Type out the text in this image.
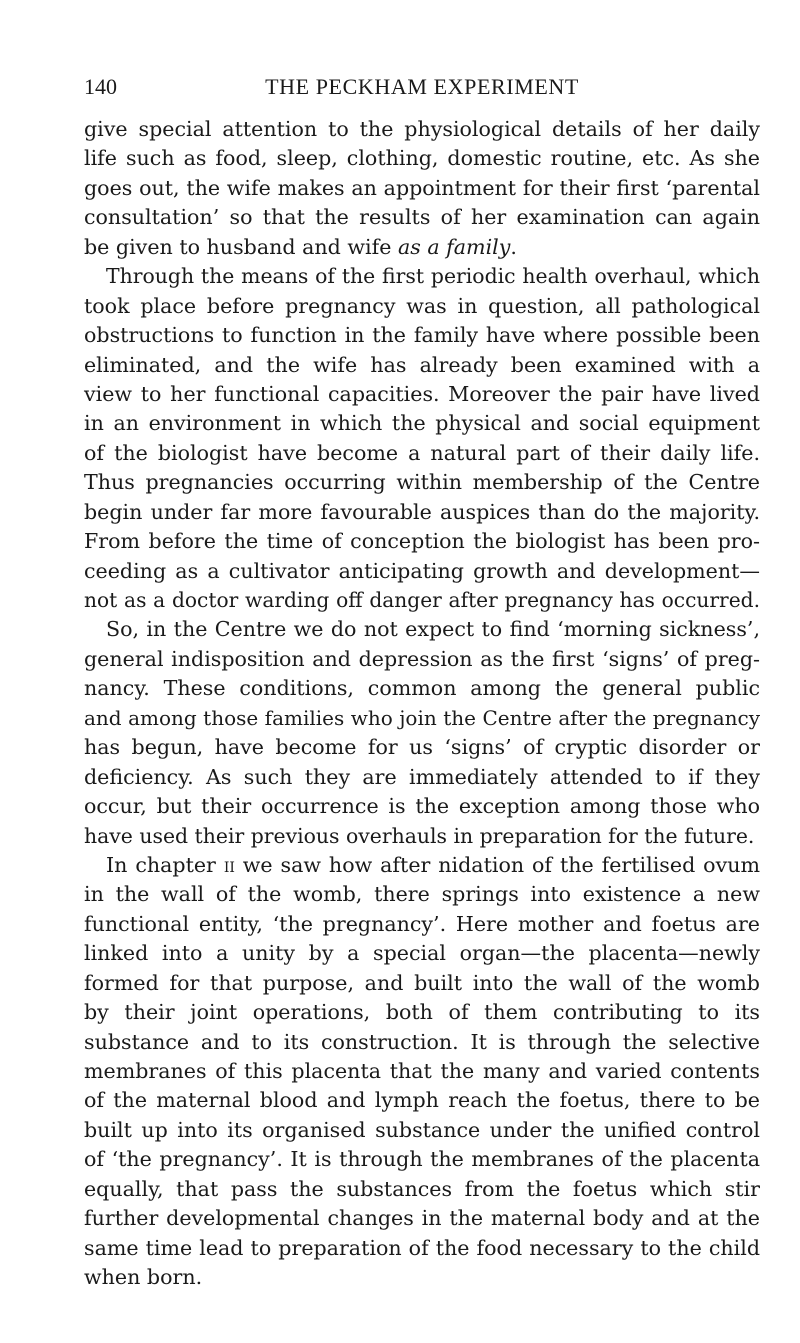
140	THE PECKHAM EXPERIMENT
give special attention to the physiological details of her daily
life such as food, sleep, clothing, domestic routine, etc. As she
goes out, the wife makes an appointment for their first ‘parental
consultation’ so that the results of her examination can again
be given to husband and wife as a family.
Through the means of the first periodic health overhaul, which
took place before pregnancy was in question, all pathological
obstructions to function in the family have where possible been
eliminated, and the wife has already been examined with a
view to her functional capacities. Moreover the pair have lived
in an environment in which the physical and social equipment
of the biologist have become a natural part of their daily life.
Thus pregnancies occurring within membership of the Centre
begin under far more favourable auspices than do the majority.
From before the time of conception the biologist has been pro-
ceeding as a cultivator anticipating growth and development—
not as a doctor warding off danger after pregnancy has occurred.
So, in the Centre we do not expect to find ‘morning sickness’,
general indisposition and depression as the first ‘signs’ of preg-
nancy. These conditions, common among the general public
and among those families who join the Centre after the pregnancy
has begun, have become for us ‘signs’ of cryptic disorder or
deficiency. As such they are immediately attended to if they
occur, but their occurrence is the exception among those who
have used their previous overhauls in preparation for the future.
In chapter ii we saw how after nidation of the fertilised ovum
in the wall of the womb, there springs into existence a new
functional entity, ‘the pregnancy’. Here mother and foetus are
linked into a unity by a special organ—the placenta—newly
formed for that purpose, and built into the wall of the womb
by their joint operations, both of them contributing to its
substance and to its construction. It is through the selective
membranes of this placenta that the many and varied contents
of the maternal blood and lymph reach the foetus, there to be
built up into its organised substance under the unified control
of ‘the pregnancy’. It is through the membranes of the placenta
equally, that pass the substances from the foetus which stir
further developmental changes in the maternal body and at the
same time lead to preparation of the food necessary to the child
when born.
